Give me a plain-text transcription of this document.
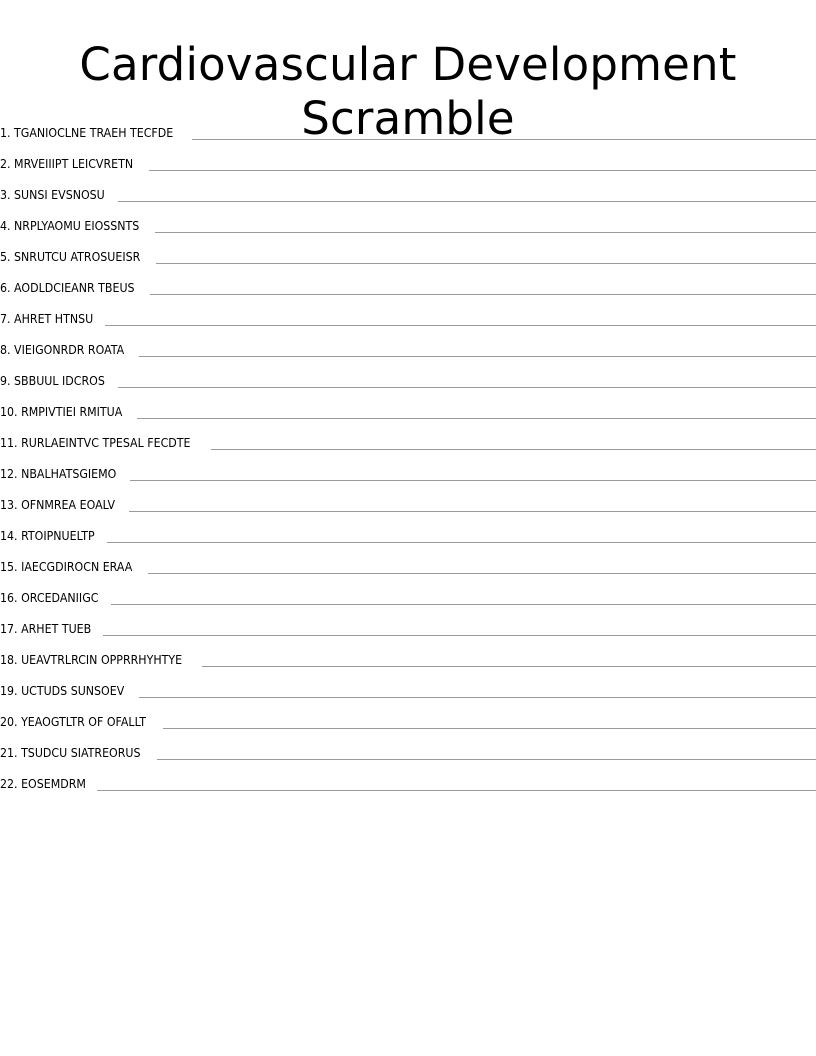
Cardiovascular Development Scramble
1. TGANIOCLNE TRAEH TECFDE
2. MRVEIIIPT LEICVRETN
3. SUNSI EVSNOSU
4. NRPLYAOMU EIOSSNTS
5. SNRUTCU ATROSUEISR
6. AODLDCIEANR TBEUS
7. AHRET HTNSU
8. VIEIGONRDR ROATA
9. SBBUUL IDCROS
10. RMPIVTIEI RMITUA
11. RURLAEINTVC TPESAL FECDTE
12. NBALHATSGIEMO
13. OFNMREA EOALV
14. RTOIPNUELTP
15. IAECGDIROCN ERAA
16. ORCEDANIIGC
17. ARHET TUEB
18. UEAVTRLRCIN OPPRRHYHTYE
19. UCTUDS SUNSOEV
20. YEAOGTLTR OF OFALLT
21. TSUDCU SIATREORUS
22. EOSEMDRM
